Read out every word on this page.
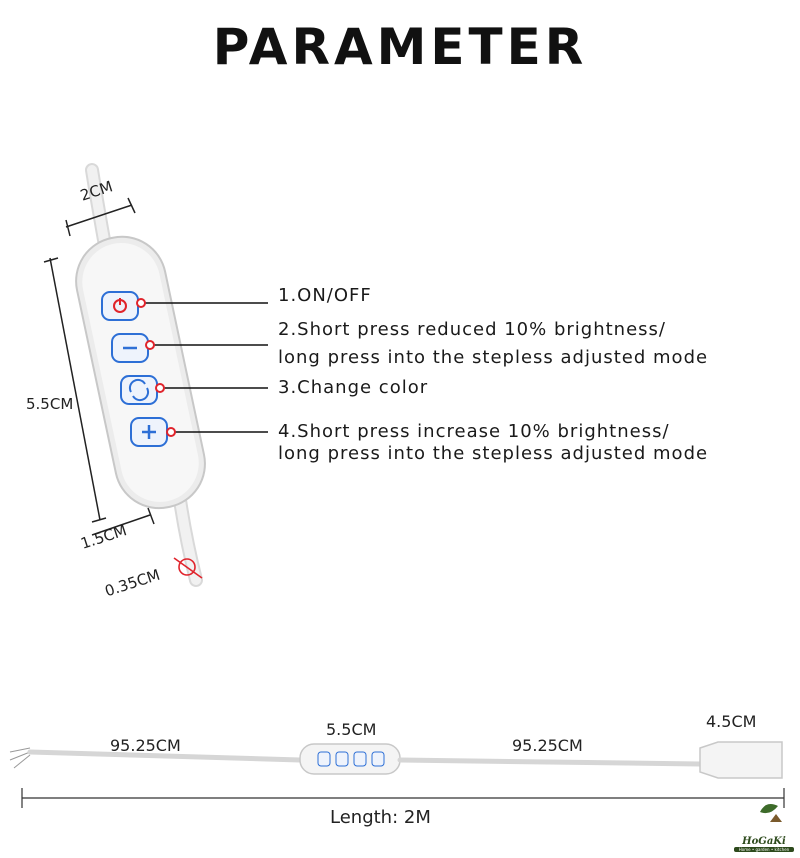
PARAMETER
2CM
5.5CM
1.5CM
0.35CM
1.ON/OFF
2.Short press reduced 10% brightness/
long press into the stepless adjusted mode
3.Change color
4.Short press increase 10% brightness/
long press into the stepless adjusted mode
95.25CM
5.5CM
95.25CM
4.5CM
Length: 2M
HoGaKi
Home • garden • kitchen
